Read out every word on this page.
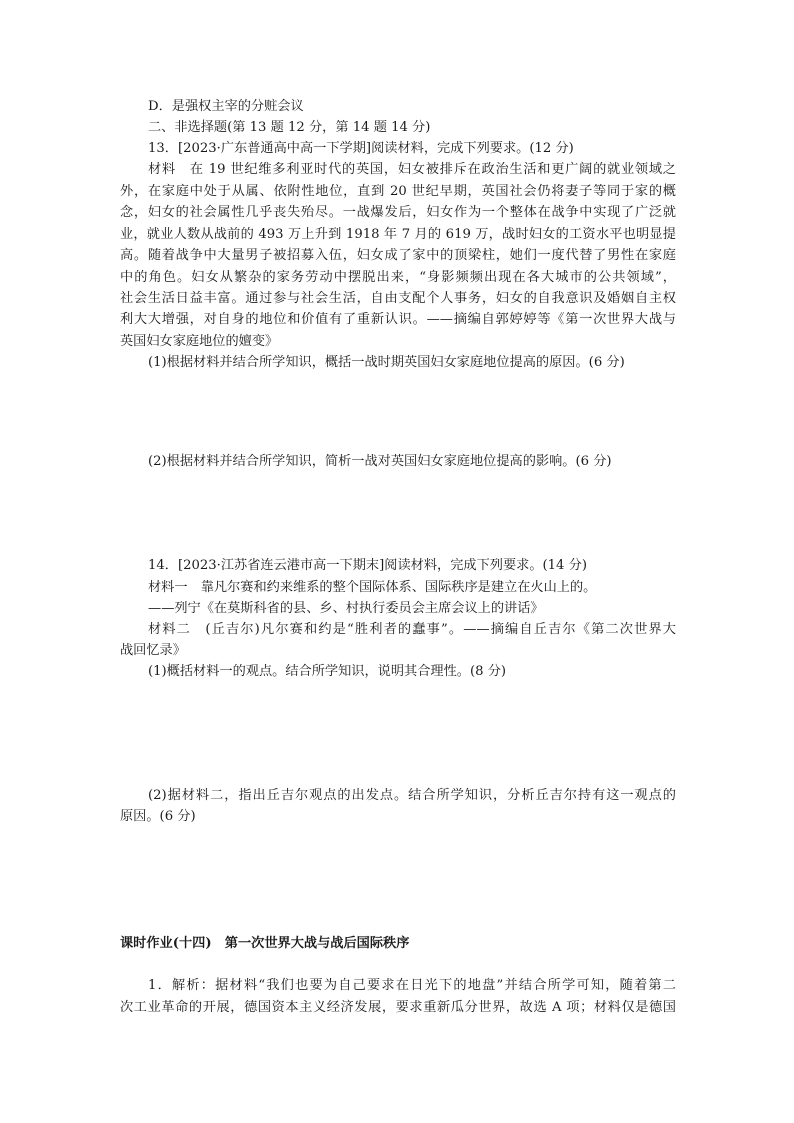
D．是强权主宰的分赃会议
二、非选择题(第 13 题 12 分，第 14 题 14 分)
13．[2023·广东普通高中高一下学期]阅读材料，完成下列要求。(12 分)
材料　在 19 世纪维多利亚时代的英国，妇女被排斥在政治生活和更广阔的就业领域之
外，在家庭中处于从属、依附性地位，直到 20 世纪早期，英国社会仍将妻子等同于家的概
念，妇女的社会属性几乎丧失殆尽。一战爆发后，妇女作为一个整体在战争中实现了广泛就
业，就业人数从战前的 493 万上升到 1918 年 7 月的 619 万，战时妇女的工资水平也明显提
高。随着战争中大量男子被招募入伍，妇女成了家中的顶梁柱，她们一度代替了男性在家庭
中的角色。妇女从繁杂的家务劳动中摆脱出来，“身影频频出现在各大城市的公共领域”，
社会生活日益丰富。通过参与社会生活，自由支配个人事务，妇女的自我意识及婚姻自主权
利大大增强，对自身的地位和价值有了重新认识。——摘编自郭婷婷等《第一次世界大战与
英国妇女家庭地位的嬗变》
(1)根据材料并结合所学知识，概括一战时期英国妇女家庭地位提高的原因。(6 分)
(2)根据材料并结合所学知识，简析一战对英国妇女家庭地位提高的影响。(6 分)
14．[2023·江苏省连云港市高一下期末]阅读材料，完成下列要求。(14 分)
材料一　靠凡尔赛和约来维系的整个国际体系、国际秩序是建立在火山上的。
——列宁《在莫斯科省的县、乡、村执行委员会主席会议上的讲话》
材料二　(丘吉尔)凡尔赛和约是“胜利者的蠢事”。——摘编自丘吉尔《第二次世界大
战回忆录》
(1)概括材料一的观点。结合所学知识，说明其合理性。(8 分)
(2)据材料二，指出丘吉尔观点的出发点。结合所学知识，分析丘吉尔持有这一观点的
原因。(6 分)
课时作业(十四)　第一次世界大战与战后国际秩序
1．解析：据材料“我们也要为自己要求在日光下的地盘”并结合所学可知，随着第二
次工业革命的开展，德国资本主义经济发展，要求重新瓜分世界，故选 A 项；材料仅是德国
